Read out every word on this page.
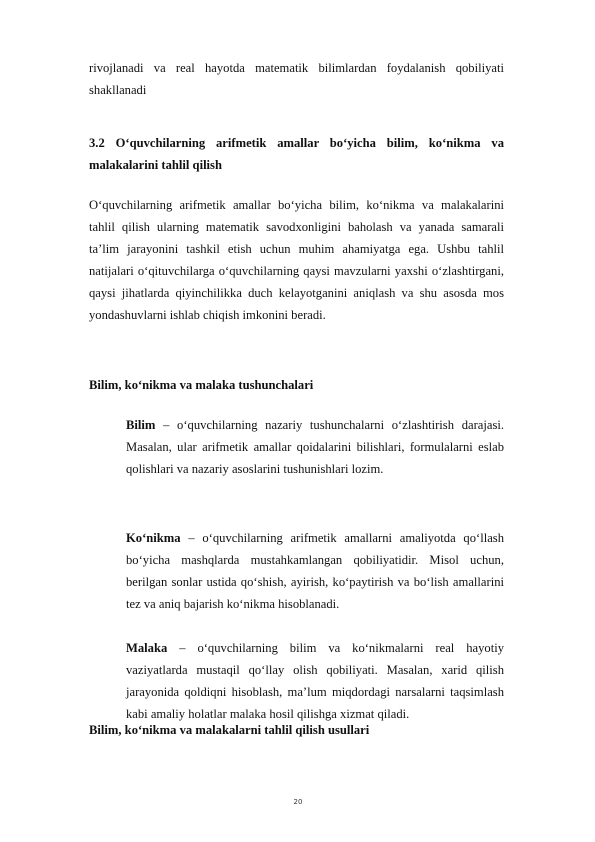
rivojlanadi va real hayotda matematik bilimlardan foydalanish qobiliyati shakllanadi

3.2 O‘quvchilarning arifmetik amallar bo‘yicha bilim, ko‘nikma va malakalarini tahlil qilish

O‘quvchilarning arifmetik amallar bo‘yicha bilim, ko‘nikma va malakalarini tahlil qilish ularning matematik savodxonligini baholash va yanada samarali ta’lim jarayonini tashkil etish uchun muhim ahamiyatga ega. Ushbu tahlil natijalari o‘qituvchilarga o‘quvchilarning qaysi mavzularni yaxshi o‘zlashtirgani, qaysi jihatlarda qiyinchilikka duch kelayotganini aniqlash va shu asosda mos yondashuvlarni ishlab chiqish imkonini beradi.

Bilim, ko‘nikma va malaka tushunchalari

Bilim – o‘quvchilarning nazariy tushunchalarni o‘zlashtirish darajasi. Masalan, ular arifmetik amallar qoidalarini bilishlari, formulalarni eslab qolishlari va nazariy asoslarini tushunishlari lozim.

Ko‘nikma – o‘quvchilarning arifmetik amallarni amaliyotda qo‘llash bo‘yicha mashqlarda mustahkamlangan qobiliyatidir. Misol uchun, berilgan sonlar ustida qo‘shish, ayirish, ko‘paytirish va bo‘lish amallarini tez va aniq bajarish ko‘nikma hisoblanadi.

Malaka – o‘quvchilarning bilim va ko‘nikmalarni real hayotiy vaziyatlarda mustaqil qo‘llay olish qobiliyati. Masalan, xarid qilish jarayonida qoldiqni hisoblash, ma’lum miqdordagi narsalarni taqsimlash kabi amaliy holatlar malaka hosil qilishga xizmat qiladi.

Bilim, ko‘nikma va malakalarni tahlil qilish usullari

20
